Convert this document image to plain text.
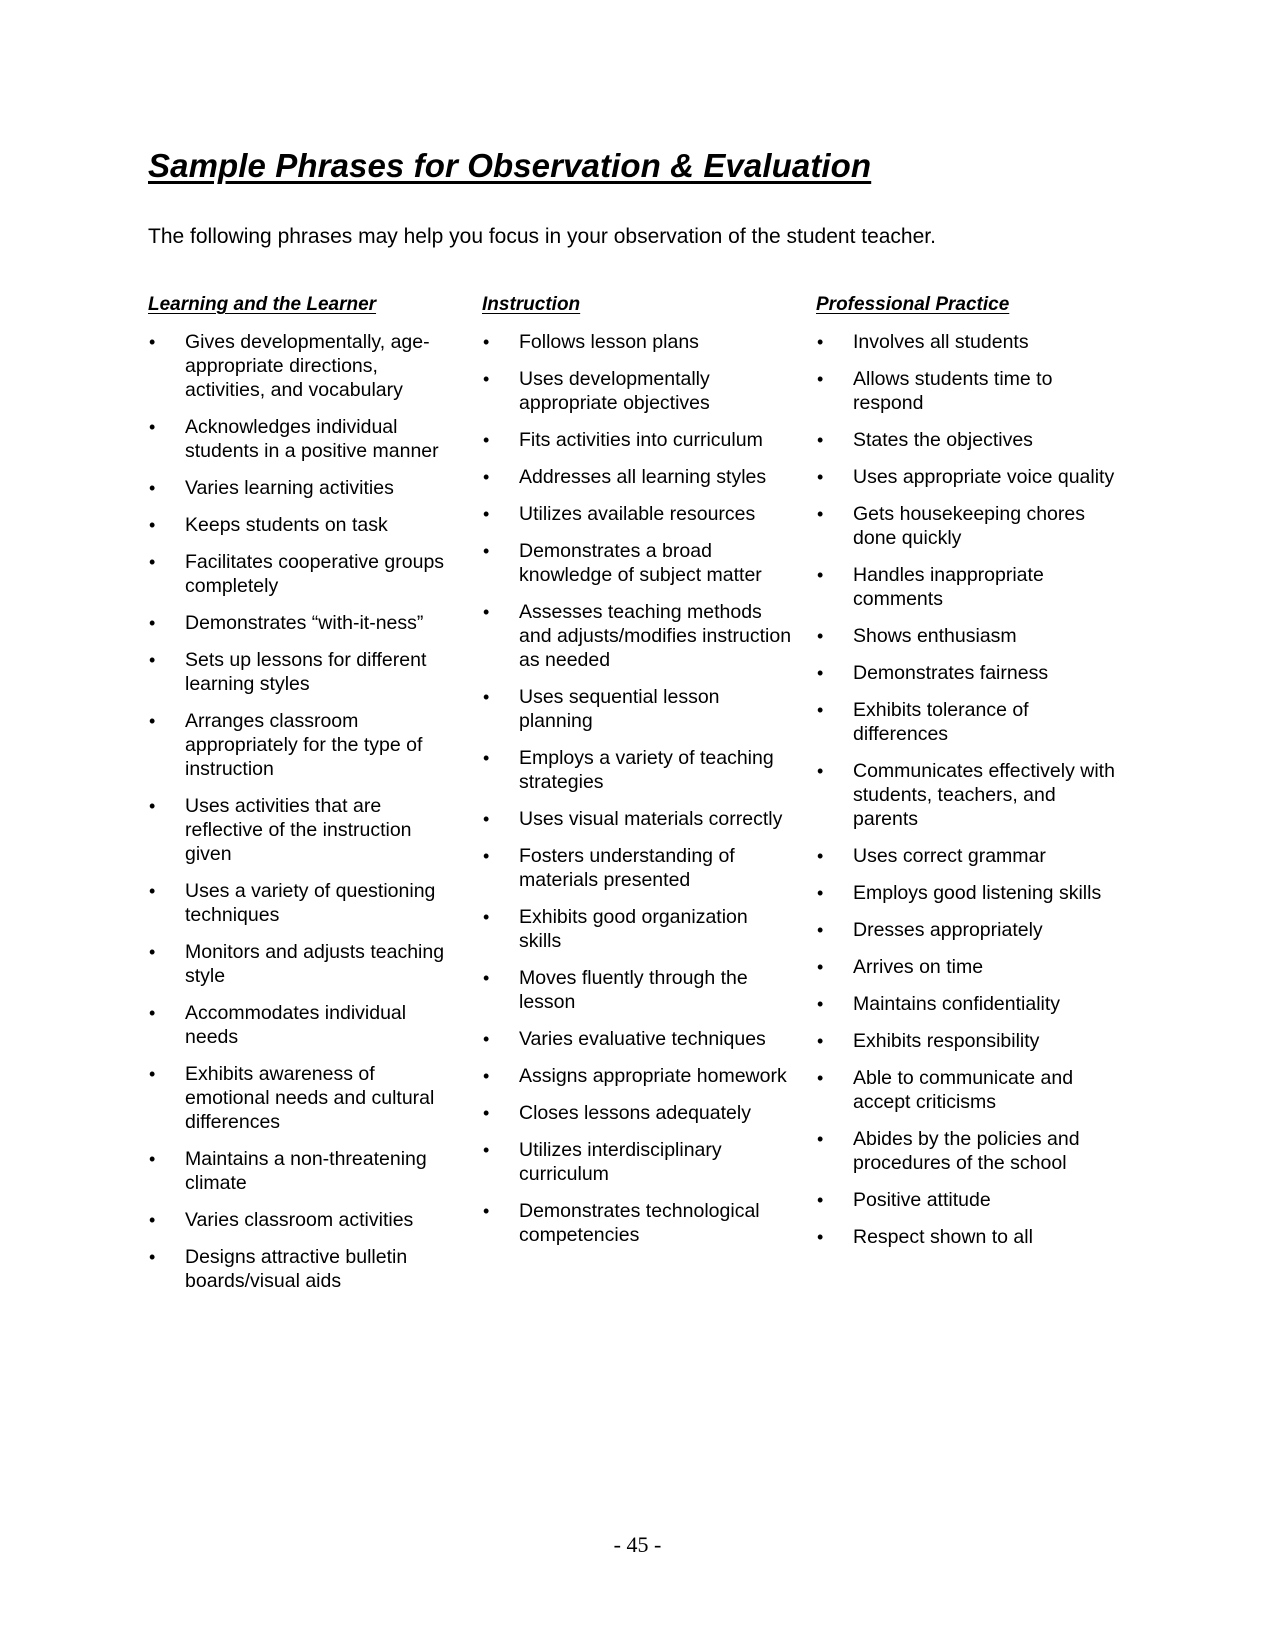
Sample Phrases for Observation & Evaluation

The following phrases may help you focus in your observation of the student teacher.

Learning and the Learner
• Gives developmentally, age-appropriate directions, activities, and vocabulary
• Acknowledges individual students in a positive manner
• Varies learning activities
• Keeps students on task
• Facilitates cooperative groups completely
• Demonstrates “with-it-ness”
• Sets up lessons for different learning styles
• Arranges classroom appropriately for the type of instruction
• Uses activities that are reflective of the instruction given
• Uses a variety of questioning techniques
• Monitors and adjusts teaching style
• Accommodates individual needs
• Exhibits awareness of emotional needs and cultural differences
• Maintains a non-threatening climate
• Varies classroom activities
• Designs attractive bulletin boards/visual aids
Instruction
• Follows lesson plans
• Uses developmentally appropriate objectives
• Fits activities into curriculum
• Addresses all learning styles
• Utilizes available resources
• Demonstrates a broad knowledge of subject matter
• Assesses teaching methods and adjusts/modifies instruction as needed
• Uses sequential lesson planning
• Employs a variety of teaching strategies
• Uses visual materials correctly
• Fosters understanding of materials presented
• Exhibits good organization skills
• Moves fluently through the lesson
• Varies evaluative techniques
• Assigns appropriate homework
• Closes lessons adequately
• Utilizes interdisciplinary curriculum
• Demonstrates technological competencies
Professional Practice
• Involves all students
• Allows students time to respond
• States the objectives
• Uses appropriate voice quality
• Gets housekeeping chores done quickly
• Handles inappropriate comments
• Shows enthusiasm
• Demonstrates fairness
• Exhibits tolerance of differences
• Communicates effectively with students, teachers, and parents
• Uses correct grammar
• Employs good listening skills
• Dresses appropriately
• Arrives on time
• Maintains confidentiality
• Exhibits responsibility
• Able to communicate and accept criticisms
• Abides by the policies and procedures of the school
• Positive attitude
• Respect shown to all
- 45 -
